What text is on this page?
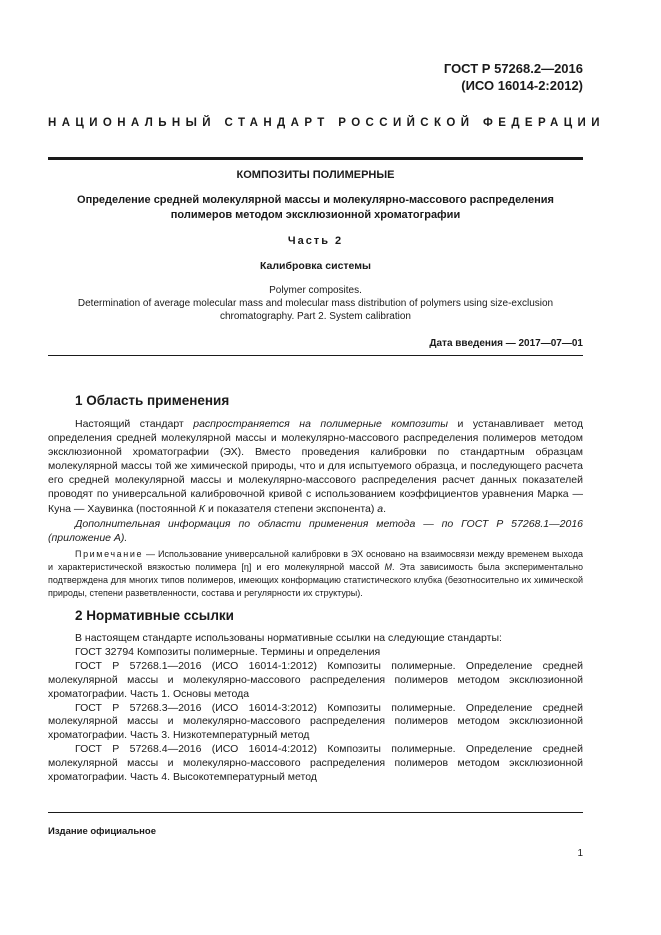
ГОСТ Р 57268.2—2016
(ИСО 16014-2:2012)
НАЦИОНАЛЬНЫЙ СТАНДАРТ РОССИЙСКОЙ ФЕДЕРАЦИИ
КОМПОЗИТЫ ПОЛИМЕРНЫЕ
Определение средней молекулярной массы и молекулярно-массового распределения
полимеров методом эксклюзионной хроматографии
Часть 2
Калибровка системы
Polymer composites.
Determination of average molecular mass and molecular mass distribution of polymers using size-exclusion
chromatography. Part 2. System calibration
Дата введения — 2017—07—01
1 Область применения
Настоящий стандарт распространяется на полимерные композиты и устанавливает метод определения средней молекулярной массы и молекулярно-массового распределения полимеров методом эксклюзионной хроматографии (ЭХ). Вместо проведения калибровки по стандартным образцам молекулярной массы той же химической природы, что и для испытуемого образца, и последующего расчета его средней молекулярной массы и молекулярно-массового распределения расчет данных показателей проводят по универсальной калибровочной кривой с использованием коэффициентов уравнения Марка — Куна — Хаувинка (постоянной К и показателя степени экспонента) а.
Дополнительная информация по области применения метода — по ГОСТ Р 57268.1—2016 (приложение А).
Примечание — Использование универсальной калибровки в ЭХ основано на взаимосвязи между временем выхода и характеристической вязкостью полимера [η] и его молекулярной массой М. Эта зависимость была экспериментально подтверждена для многих типов полимеров, имеющих конформацию статистического клубка (безотносительно их химической природы, степени разветвленности, состава и регулярности их структуры).
2 Нормативные ссылки
В настоящем стандарте использованы нормативные ссылки на следующие стандарты:
ГОСТ 32794 Композиты полимерные. Термины и определения
ГОСТ Р 57268.1—2016 (ИСО 16014-1:2012) Композиты полимерные. Определение средней молекулярной массы и молекулярно-массового распределения полимеров методом эксклюзионной хроматографии. Часть 1. Основы метода
ГОСТ Р 57268.3—2016 (ИСО 16014-3:2012) Композиты полимерные. Определение средней молекулярной массы и молекулярно-массового распределения полимеров методом эксклюзионной хроматографии. Часть 3. Низкотемпературный метод
ГОСТ Р 57268.4—2016 (ИСО 16014-4:2012) Композиты полимерные. Определение средней молекулярной массы и молекулярно-массового распределения полимеров методом эксклюзионной хроматографии. Часть 4. Высокотемпературный метод
Издание официальное
1
